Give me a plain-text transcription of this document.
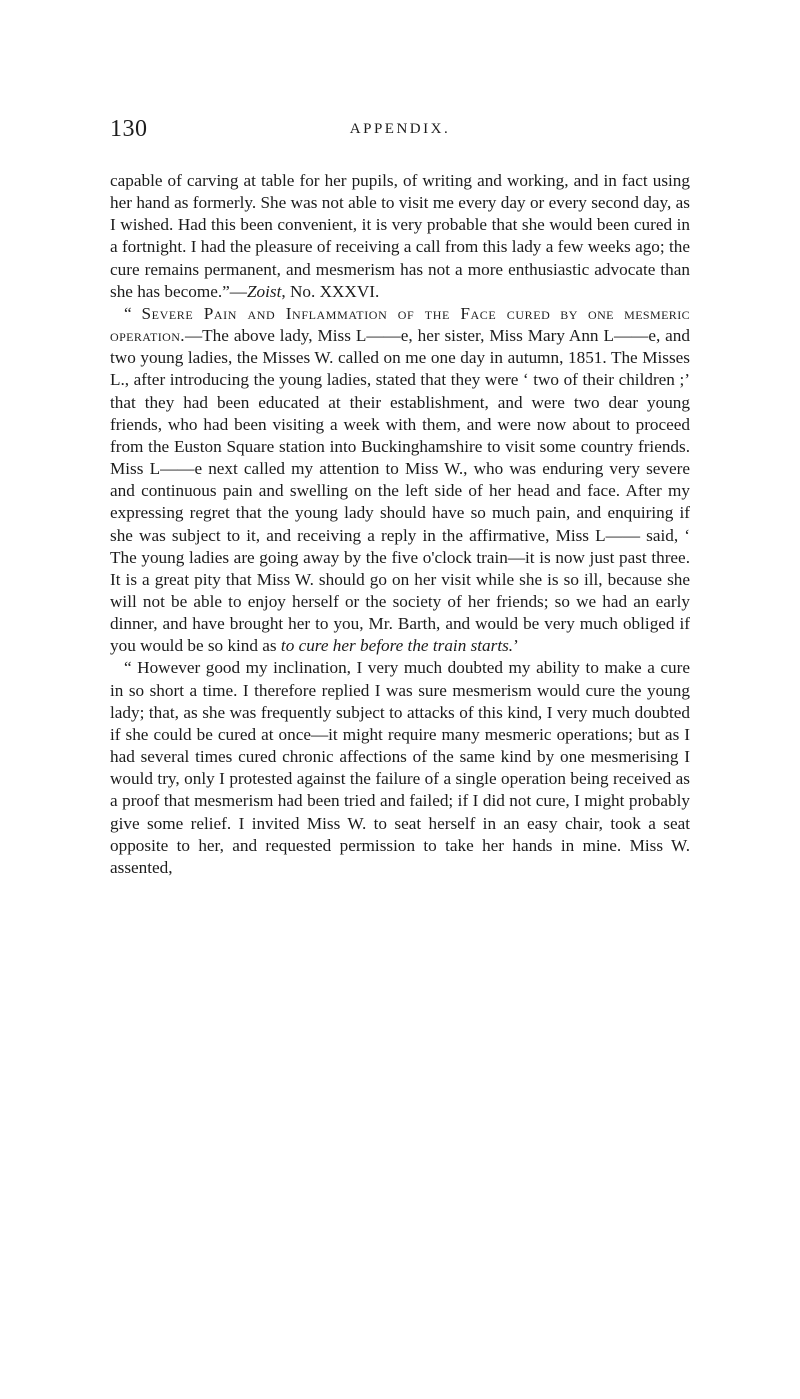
130	APPENDIX.

capable of carving at table for her pupils, of writing and working, and in fact using her hand as formerly. She was not able to visit me every day or every second day, as I wished. Had this been convenient, it is very probable that she would been cured in a fortnight. I had the pleasure of receiving a call from this lady a few weeks ago; the cure remains permanent, and mesmerism has not a more enthusiastic advocate than she has become.”—Zoist, No. XXXVI.

“ Severe Pain and Inflammation of the Face cured by one mesmeric operation.—The above lady, Miss L——e, her sister, Miss Mary Ann L——e, and two young ladies, the Misses W. called on me one day in autumn, 1851. The Misses L., after introducing the young ladies, stated that they were ‘ two of their children ;’ that they had been educated at their establishment, and were two dear young friends, who had been visiting a week with them, and were now about to proceed from the Euston Square station into Buckinghamshire to visit some country friends. Miss L——e next called my attention to Miss W., who was enduring very severe and continuous pain and swelling on the left side of her head and face. After my expressing regret that the young lady should have so much pain, and enquiring if she was subject to it, and receiving a reply in the affirmative, Miss L—— said, ‘ The young ladies are going away by the five o'clock train—it is now just past three. It is a great pity that Miss W. should go on her visit while she is so ill, because she will not be able to enjoy herself or the society of her friends; so we had an early dinner, and have brought her to you, Mr. Barth, and would be very much obliged if you would be so kind as to cure her before the train starts.’

“ However good my inclination, I very much doubted my ability to make a cure in so short a time. I therefore replied I was sure mesmerism would cure the young lady; that, as she was frequently subject to attacks of this kind, I very much doubted if she could be cured at once—it might require many mesmeric operations; but as I had several times cured chronic affections of the same kind by one mesmerising I would try, only I protested against the failure of a single operation being received as a proof that mesmerism had been tried and failed; if I did not cure, I might probably give some relief. I invited Miss W. to seat herself in an easy chair, took a seat opposite to her, and requested permission to take her hands in mine. Miss W. assented,
